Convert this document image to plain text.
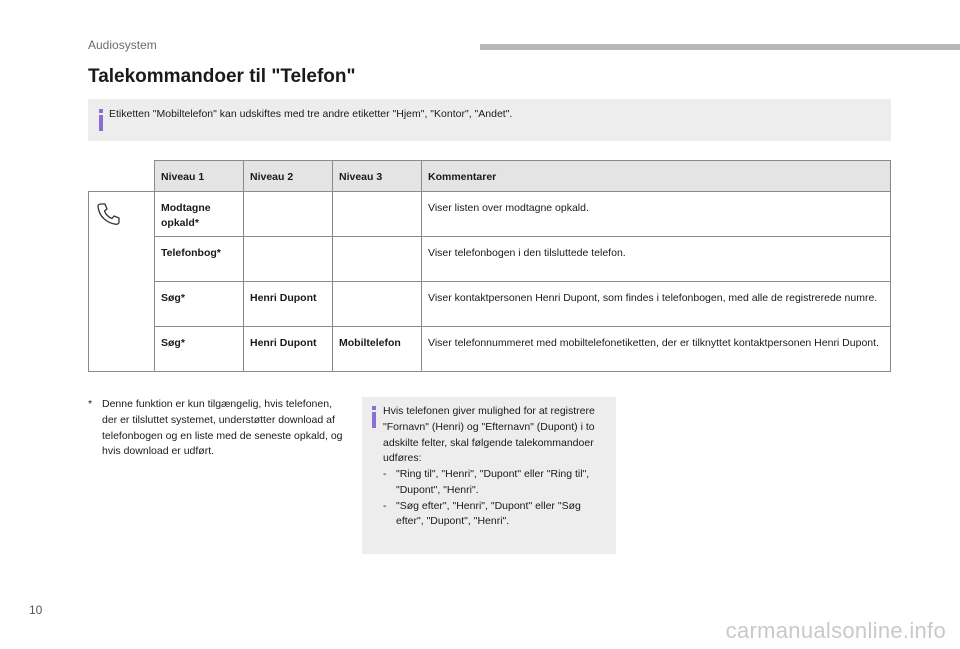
Audiosystem
Talekommandoer til "Telefon"
Etiketten "Mobiltelefon" kan udskiftes med tre andre etiketter "Hjem", "Kontor", "Andet".
	Niveau 1	Niveau 2	Niveau 3	Kommentarer
	Modtagne opkald*			Viser listen over modtagne opkald.
	Telefonbog*			Viser telefonbogen i den tilsluttede telefon.
	Søg*	Henri Dupont		Viser kontaktpersonen Henri Dupont, som findes i telefonbogen, med alle de registrerede numre.
	Søg*	Henri Dupont	Mobiltelefon	Viser telefonnummeret med mobiltelefonetiketten, der er tilknyttet kontaktpersonen Henri Dupont.
* Denne funktion er kun tilgængelig, hvis telefonen, der er tilsluttet systemet, understøtter download af telefonbogen og en liste med de seneste opkald, og hvis download er udført.
Hvis telefonen giver mulighed for at registrere "Fornavn" (Henri) og "Efternavn" (Dupont) i to adskilte felter, skal følgende talekommandoer udføres:
- "Ring til", "Henri", "Dupont" eller "Ring til", "Dupont", "Henri".
- "Søg efter", "Henri", "Dupont" eller "Søg efter", "Dupont", "Henri".
10
carmanualsonline.info
